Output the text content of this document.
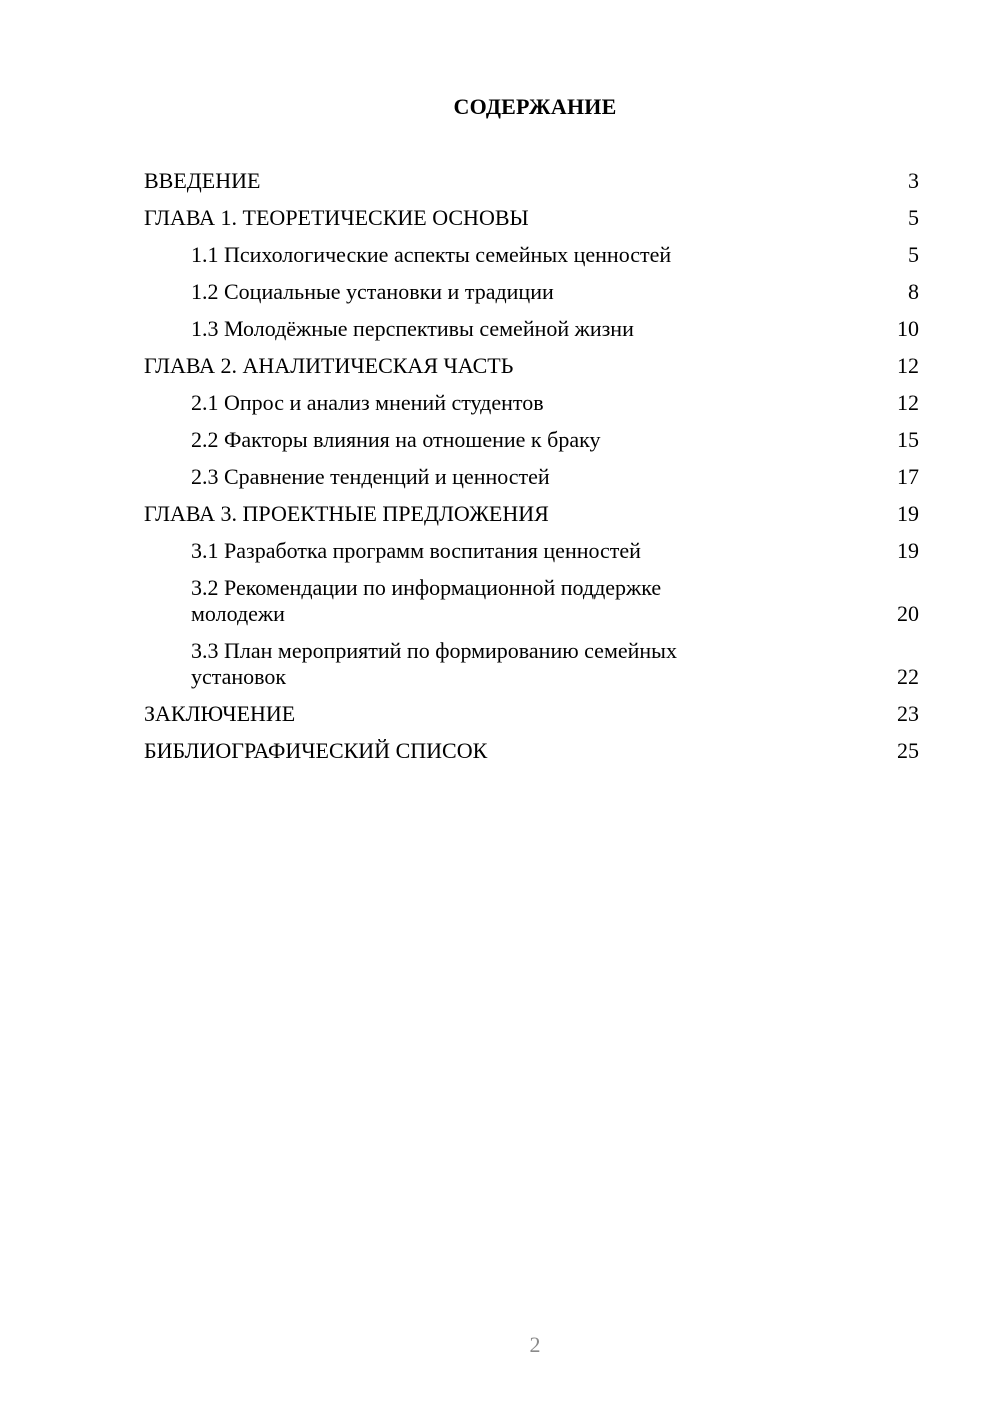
СОДЕРЖАНИЕ
ВВЕДЕНИЕ	3
ГЛАВА 1. ТЕОРЕТИЧЕСКИЕ ОСНОВЫ	5
1.1 Психологические аспекты семейных ценностей	5
1.2 Социальные установки и традиции	8
1.3 Молодёжные перспективы семейной жизни	10
ГЛАВА 2. АНАЛИТИЧЕСКАЯ ЧАСТЬ	12
2.1 Опрос и анализ мнений студентов	12
2.2 Факторы влияния на отношение к браку	15
2.3 Сравнение тенденций и ценностей	17
ГЛАВА 3. ПРОЕКТНЫЕ ПРЕДЛОЖЕНИЯ	19
3.1 Разработка программ воспитания ценностей	19
3.2 Рекомендации по информационной поддержке молодежи	20
3.3 План мероприятий по формированию семейных установок	22
ЗАКЛЮЧЕНИЕ	23
БИБЛИОГРАФИЧЕСКИЙ СПИСОК	25
2
